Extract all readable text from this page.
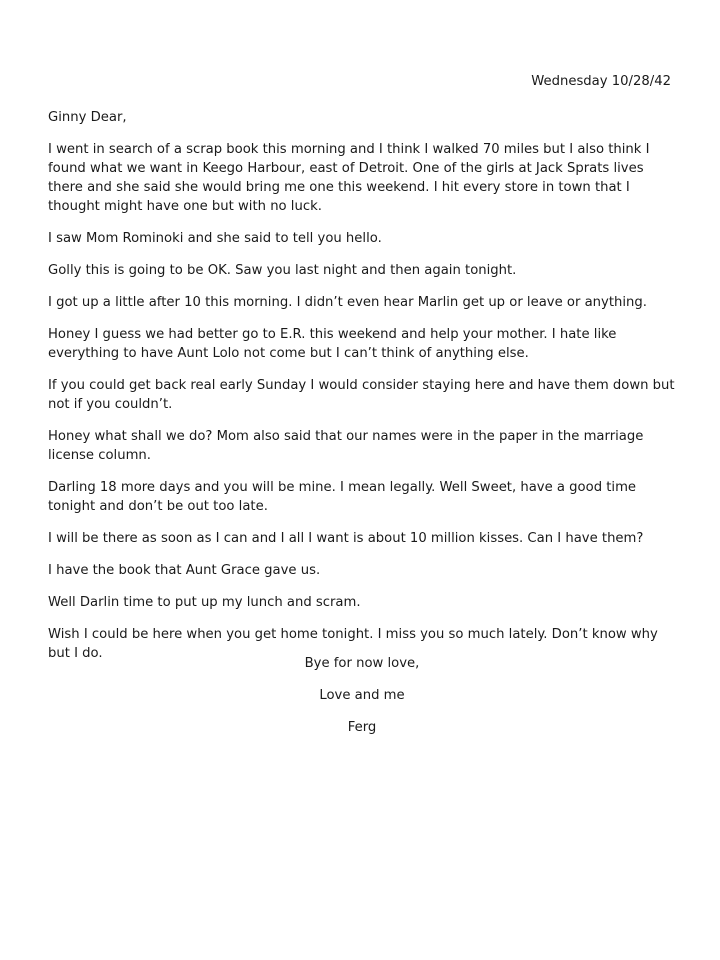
Wednesday 10/28/42

Ginny Dear,

I went in search of a scrap book this morning and I think I walked 70 miles but I also think I found what we want in Keego Harbour, east of Detroit. One of the girls at Jack Sprats lives there and she said she would bring me one this weekend. I hit every store in town that I thought might have one but with no luck.

I saw Mom Rominoki and she said to tell you hello.

Golly this is going to be OK. Saw you last night and then again tonight.

I got up a little after 10 this morning. I didn’t even hear Marlin get up or leave or anything.

Honey I guess we had better go to E.R. this weekend and help your mother. I hate like everything to have Aunt Lolo not come but I can’t think of anything else.

If you could get back real early Sunday I would consider staying here and have them down but not if you couldn’t.

Honey what shall we do? Mom also said that our names were in the paper in the marriage license column.

Darling 18 more days and you will be mine. I mean legally. Well Sweet, have a good time tonight and don’t be out too late.

I will be there as soon as I can and I all I want is about 10 million kisses. Can I have them?

I have the book that Aunt Grace gave us.

Well Darlin time to put up my lunch and scram.

Wish I could be here when you get home tonight. I miss you so much lately. Don’t know why but I do.

Bye for now love,
Love and me
Ferg
